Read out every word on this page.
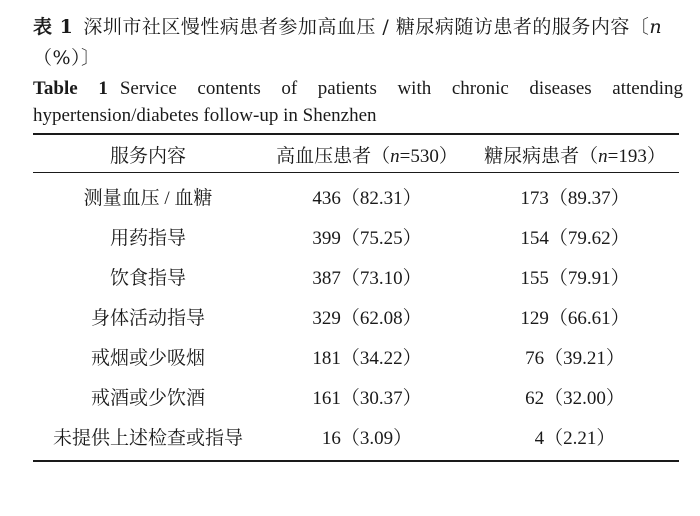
表 1 深圳市社区慢性病患者参加高血压 / 糖尿病随访患者的服务内容〔n（%）〕
Table 1 Service contents of patients with chronic diseases attending
hypertension/diabetes follow-up in Shenzhen
服务内容	高血压患者（n=530）	糖尿病患者（n=193）
测量血压 / 血糖	436（82.31）	173（89.37）
用药指导	399（75.25）	154（79.62）
饮食指导	387（73.10）	155（79.91）
身体活动指导	329（62.08）	129（66.61）
戒烟或少吸烟	181（34.22）	76（39.21）
戒酒或少饮酒	161（30.37）	62（32.00）
未提供上述检查或指导	16（3.09）	4（2.21）
